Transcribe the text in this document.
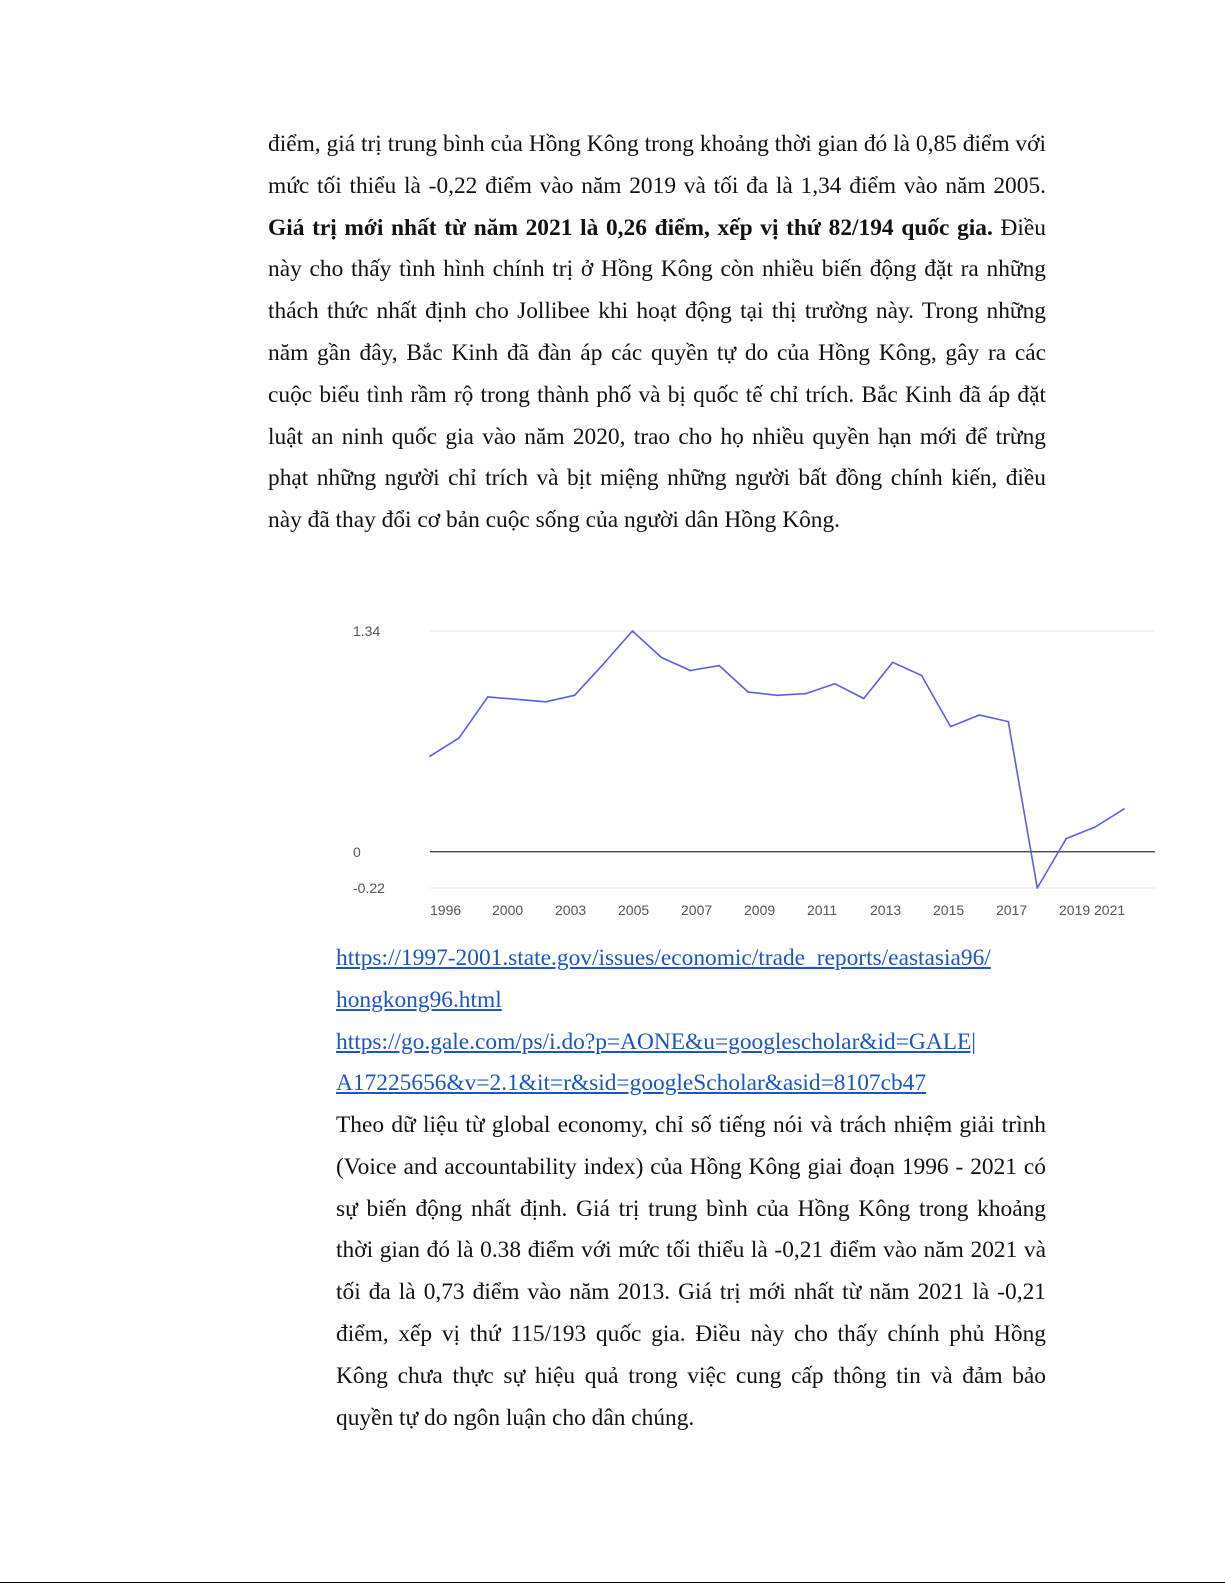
điểm, giá trị trung bình của Hồng Kông trong khoảng thời gian đó là 0,85 điểm với mức tối thiểu là -0,22 điểm vào năm 2019 và tối đa là 1,34 điểm vào năm 2005. Giá trị mới nhất từ năm 2021 là 0,26 điểm, xếp vị thứ 82/194 quốc gia. Điều này cho thấy tình hình chính trị ở Hồng Kông còn nhiều biến động đặt ra những thách thức nhất định cho Jollibee khi hoạt động tại thị trường này. Trong những năm gần đây, Bắc Kinh đã đàn áp các quyền tự do của Hồng Kông, gây ra các cuộc biểu tình rầm rộ trong thành phố và bị quốc tế chỉ trích. Bắc Kinh đã áp đặt luật an ninh quốc gia vào năm 2020, trao cho họ nhiều quyền hạn mới để trừng phạt những người chỉ trích và bịt miệng những người bất đồng chính kiến, điều này đã thay đổi cơ bản cuộc sống của người dân Hồng Kông.
1.34
0
-0.22
1996 2000 2003 2005 2007 2009 2011 2013 2015 2017 2019 2021
https://1997-2001.state.gov/issues/economic/trade_reports/eastasia96/
hongkong96.html
https://go.gale.com/ps/i.do?p=AONE&u=googlescholar&id=GALE|
A17225656&v=2.1&it=r&sid=googleScholar&asid=8107cb47
Theo dữ liệu từ global economy, chỉ số tiếng nói và trách nhiệm giải trình (Voice and accountability index) của Hồng Kông giai đoạn 1996 - 2021 có sự biến động nhất định. Giá trị trung bình của Hồng Kông trong khoảng thời gian đó là 0.38 điểm với mức tối thiểu là -0,21 điểm vào năm 2021 và tối đa là 0,73 điểm vào năm 2013. Giá trị mới nhất từ năm 2021 là -0,21 điểm, xếp vị thứ 115/193 quốc gia. Điều này cho thấy chính phủ Hồng Kông chưa thực sự hiệu quả trong việc cung cấp thông tin và đảm bảo quyền tự do ngôn luận cho dân chúng.
